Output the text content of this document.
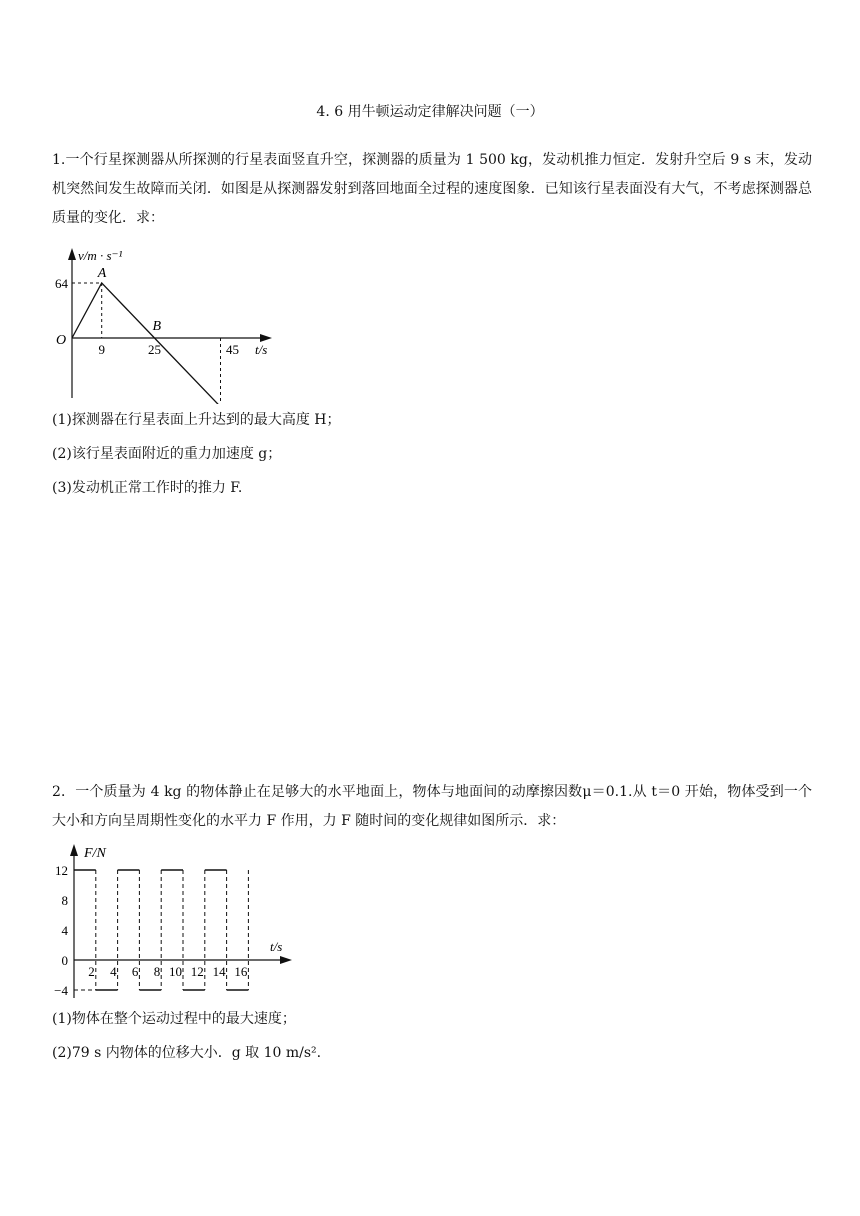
4. 6 用牛顿运动定律解决问题（一）
1.一个行星探测器从所探测的行星表面竖直升空，探测器的质量为 1 500 kg，发动机推力恒定．发射升空后 9 s 末，发动机突然间发生故障而关闭．如图是从探测器发射到落回地面全过程的速度图象．已知该行星表面没有大气，不考虑探测器总质量的变化．求：
9	25	45
64
A
B
v/m · s⁻¹
t/s
O
(1)探测器在行星表面上升达到的最大高度 H；
(2)该行星表面附近的重力加速度 g；
(3)发动机正常工作时的推力 F.
2．一个质量为 4 kg 的物体静止在足够大的水平地面上，物体与地面间的动摩擦因数μ＝0.1.从 t＝0 开始，物体受到一个大小和方向呈周期性变化的水平力 F 作用，力 F 随时间的变化规律如图所示．求：
2 4 6 8 10 12 14 16
12
8
4
0
−4
F/N
t/s
(1)物体在整个运动过程中的最大速度；
(2)79 s 内物体的位移大小．g 取 10 m/s².
